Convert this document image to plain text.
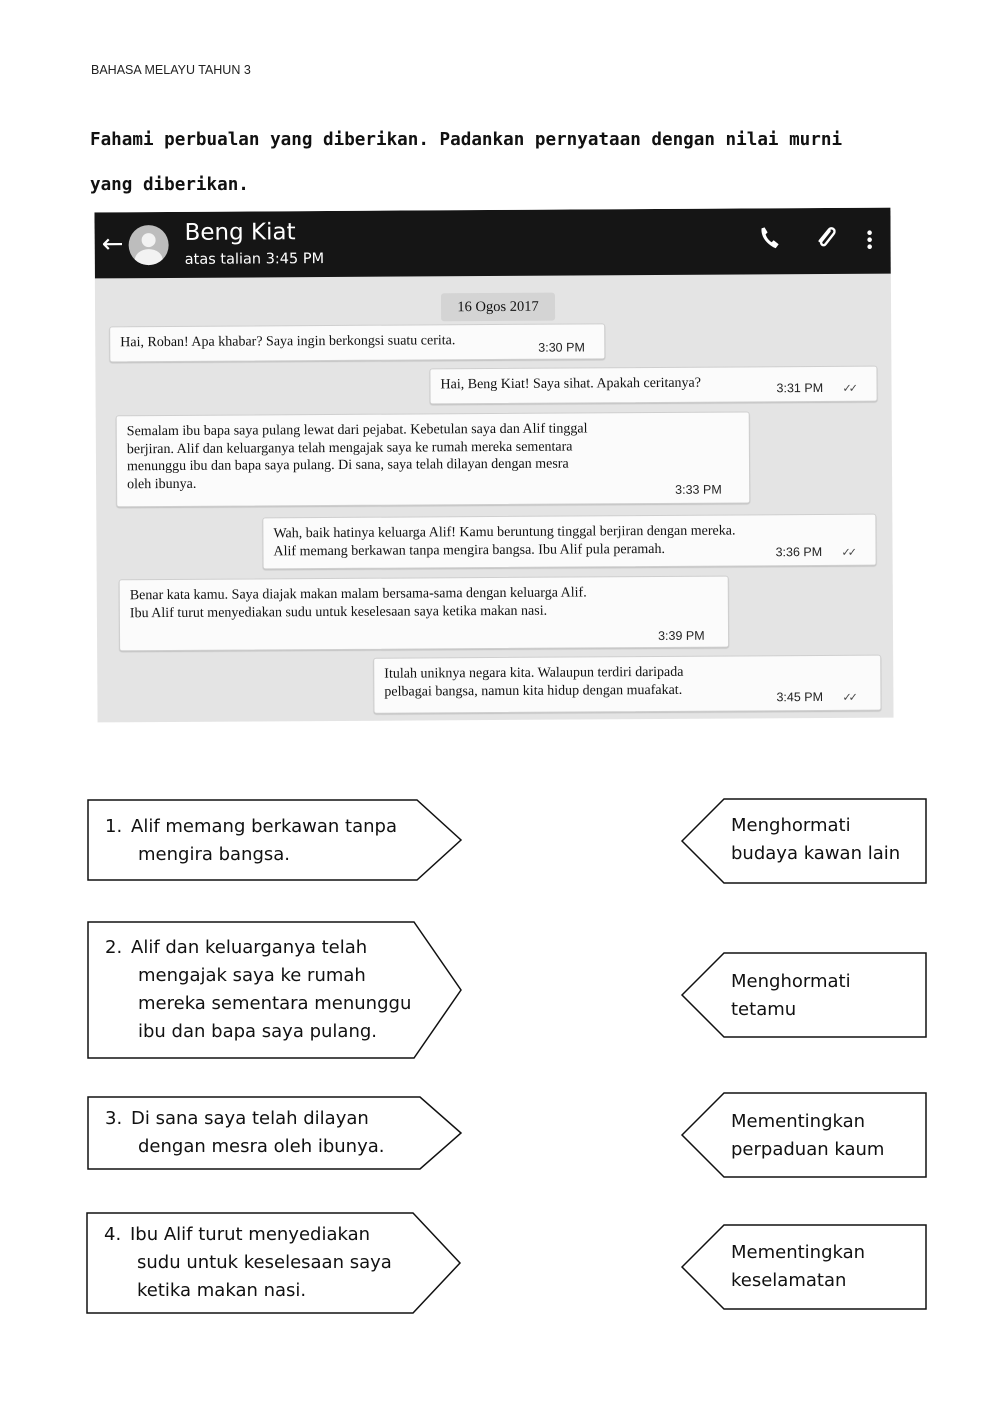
BAHASA MELAYU TAHUN 3
Fahami perbualan yang diberikan. Padankan pernyataan dengan nilai murni yang diberikan.
←	Beng Kiat
atas talian 3:45 PM
16 Ogos 2017
Hai, Roban! Apa khabar? Saya ingin berkongsi suatu cerita.	3:30 PM
Hai, Beng Kiat! Saya sihat. Apakah ceritanya?	3:31 PM ✓✓
Semalam ibu bapa saya pulang lewat dari pejabat. Kebetulan saya dan Alif tinggal
berjiran. Alif dan keluarganya telah mengajak saya ke rumah mereka sementara
menunggu ibu dan bapa saya pulang. Di sana, saya telah dilayan dengan mesra
oleh ibunya.	3:33 PM
Wah, baik hatinya keluarga Alif! Kamu beruntung tinggal berjiran dengan mereka.
Alif memang berkawan tanpa mengira bangsa. Ibu Alif pula peramah.	3:36 PM ✓✓
Benar kata kamu. Saya diajak makan malam bersama-sama dengan keluarga Alif.
Ibu Alif turut menyediakan sudu untuk keselesaan saya ketika makan nasi.
3:39 PM
Itulah uniknya negara kita. Walaupun terdiri daripada
pelbagai bangsa, namun kita hidup dengan muafakat.	3:45 PM ✓✓
1. Alif memang berkawan tanpa
mengira bangsa.
2. Alif dan keluarganya telah
mengajak saya ke rumah
mereka sementara menunggu
ibu dan bapa saya pulang.
3. Di sana saya telah dilayan
dengan mesra oleh ibunya.
4. Ibu Alif turut menyediakan
sudu untuk keselesaan saya
ketika makan nasi.
Menghormati
budaya kawan lain
Menghormati
tetamu
Mementingkan
perpaduan kaum
Mementingkan
keselamatan
